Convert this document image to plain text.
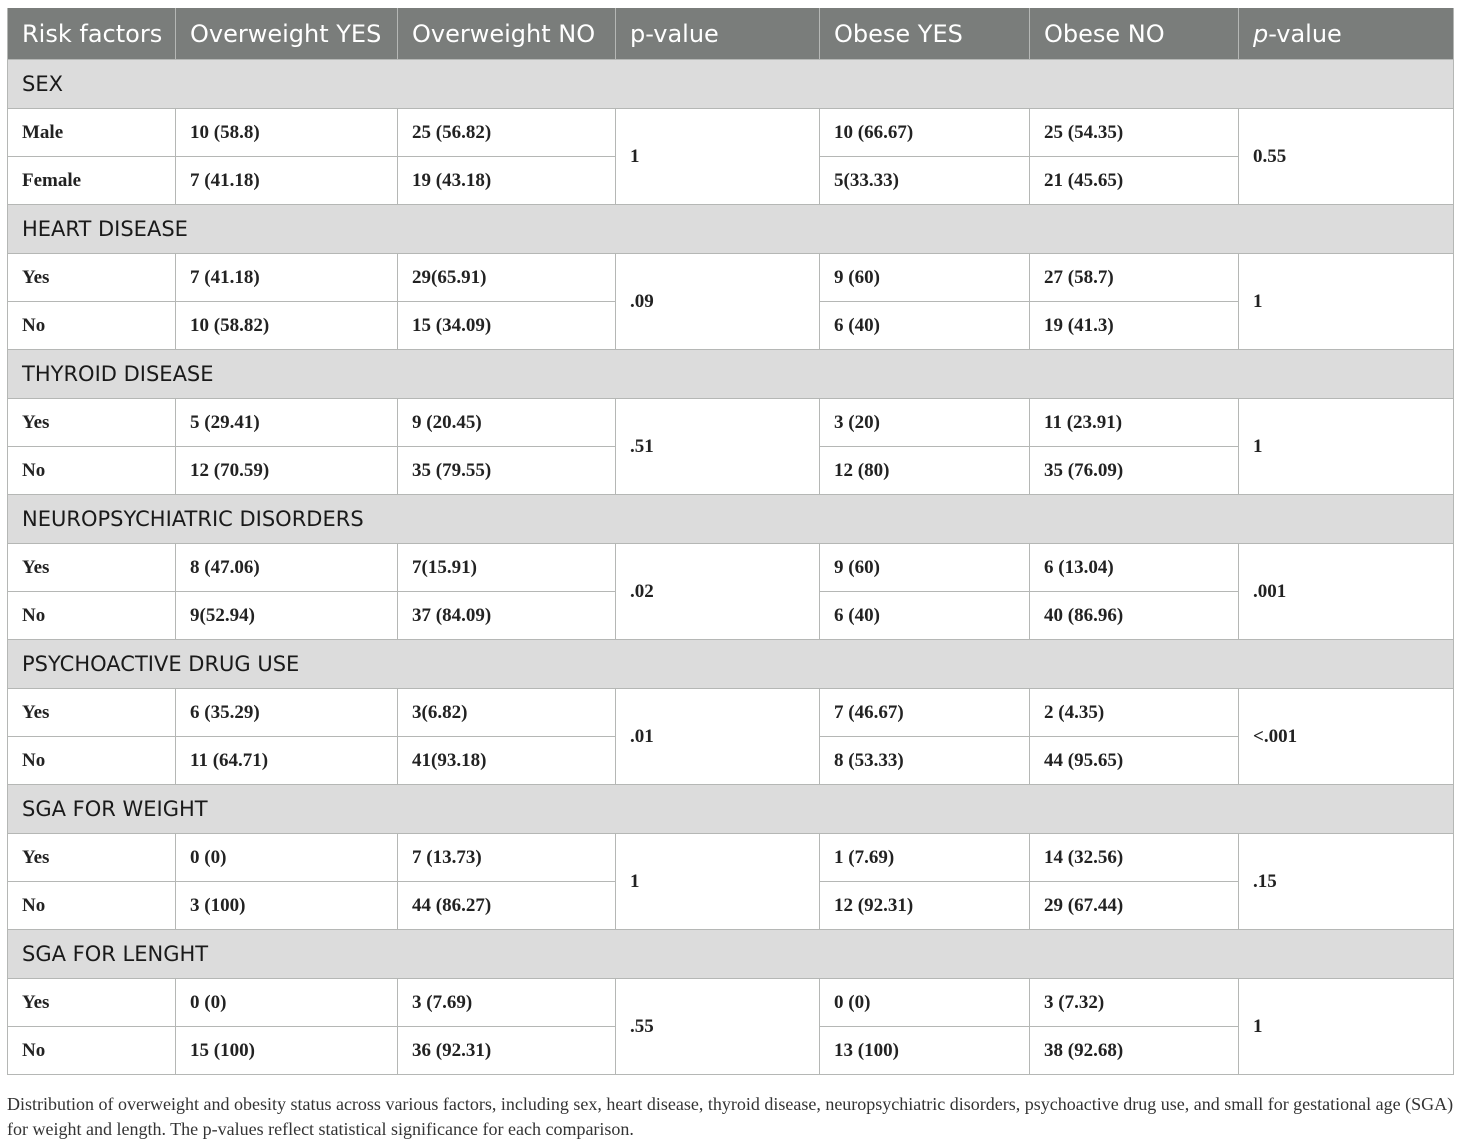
Risk factors	Overweight YES	Overweight NO	p-value	Obese YES	Obese NO	p-value
SEX						
Male	10 (58.8)	25 (56.82)	1	10 (66.67)	25 (54.35)	0.55
Female	7 (41.18)	19 (43.18)		5(33.33)	21 (45.65)	
HEART DISEASE						
Yes	7 (41.18)	29(65.91)	.09	9 (60)	27 (58.7)	1
No	10 (58.82)	15 (34.09)		6 (40)	19 (41.3)	
THYROID DISEASE						
Yes	5 (29.41)	9 (20.45)	.51	3 (20)	11 (23.91)	1
No	12 (70.59)	35 (79.55)		12 (80)	35 (76.09)	
NEUROPSYCHIATRIC DISORDERS						
Yes	8 (47.06)	7(15.91)	.02	9 (60)	6 (13.04)	.001
No	9(52.94)	37 (84.09)		6 (40)	40 (86.96)	
PSYCHOACTIVE DRUG USE						
Yes	6 (35.29)	3(6.82)	.01	7 (46.67)	2 (4.35)	<.001
No	11 (64.71)	41(93.18)		8 (53.33)	44 (95.65)	
SGA FOR WEIGHT						
Yes	0 (0)	7 (13.73)	1	1 (7.69)	14 (32.56)	.15
No	3 (100)	44 (86.27)		12 (92.31)	29 (67.44)	
SGA FOR LENGHT						
Yes	0 (0)	3 (7.69)	.55	0 (0)	3 (7.32)	1
No	15 (100)	36 (92.31)		13 (100)	38 (92.68)	
Distribution of overweight and obesity status across various factors, including sex, heart disease, thyroid disease, neuropsychiatric disorders, psychoactive drug use, and small for gestational age (SGA) for weight and length. The p-values reflect statistical significance for each comparison.
